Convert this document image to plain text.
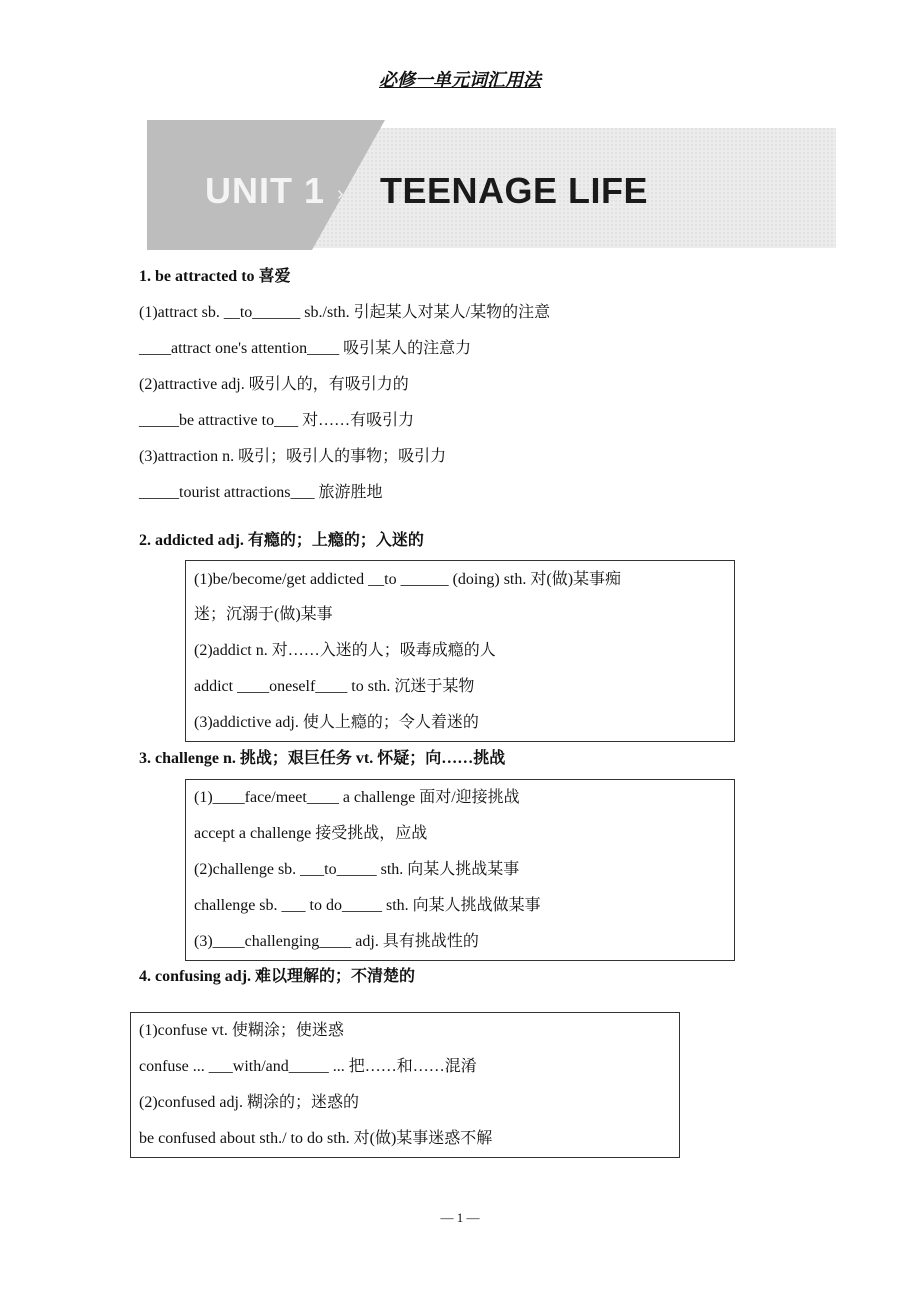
必修一单元词汇用法
›
UNIT 1 TEENAGE LIFE
1. be attracted to 喜爱
(1)attract sb. __to______ sb./sth. 引起某人对某人/某物的注意
____attract one's attention____ 吸引某人的注意力
(2)attractive adj. 吸引人的，有吸引力的
_____be attractive to___ 对……有吸引力
(3)attraction n. 吸引；吸引人的事物；吸引力
_____tourist attractions___ 旅游胜地
2. addicted adj. 有瘾的；上瘾的；入迷的
(1)be/become/get addicted __to ______ (doing) sth. 对(做)某事痴
迷；沉溺于(做)某事
(2)addict n. 对……入迷的人；吸毒成瘾的人
addict ____oneself____ to sth. 沉迷于某物
(3)addictive adj. 使人上瘾的；令人着迷的
3. challenge n. 挑战；艰巨任务 vt. 怀疑；向……挑战
(1)____face/meet____ a challenge 面对/迎接挑战
accept a challenge 接受挑战，应战
(2)challenge sb. ___to_____ sth. 向某人挑战某事
challenge sb. ___ to do_____ sth. 向某人挑战做某事
(3)____challenging____ adj. 具有挑战性的
4. confusing adj. 难以理解的；不清楚的
(1)confuse vt. 使糊涂；使迷惑
confuse ... ___with/and_____ ... 把……和……混淆
(2)confused adj. 糊涂的；迷惑的
be confused about sth./ to do sth. 对(做)某事迷惑不解
— 1 —
